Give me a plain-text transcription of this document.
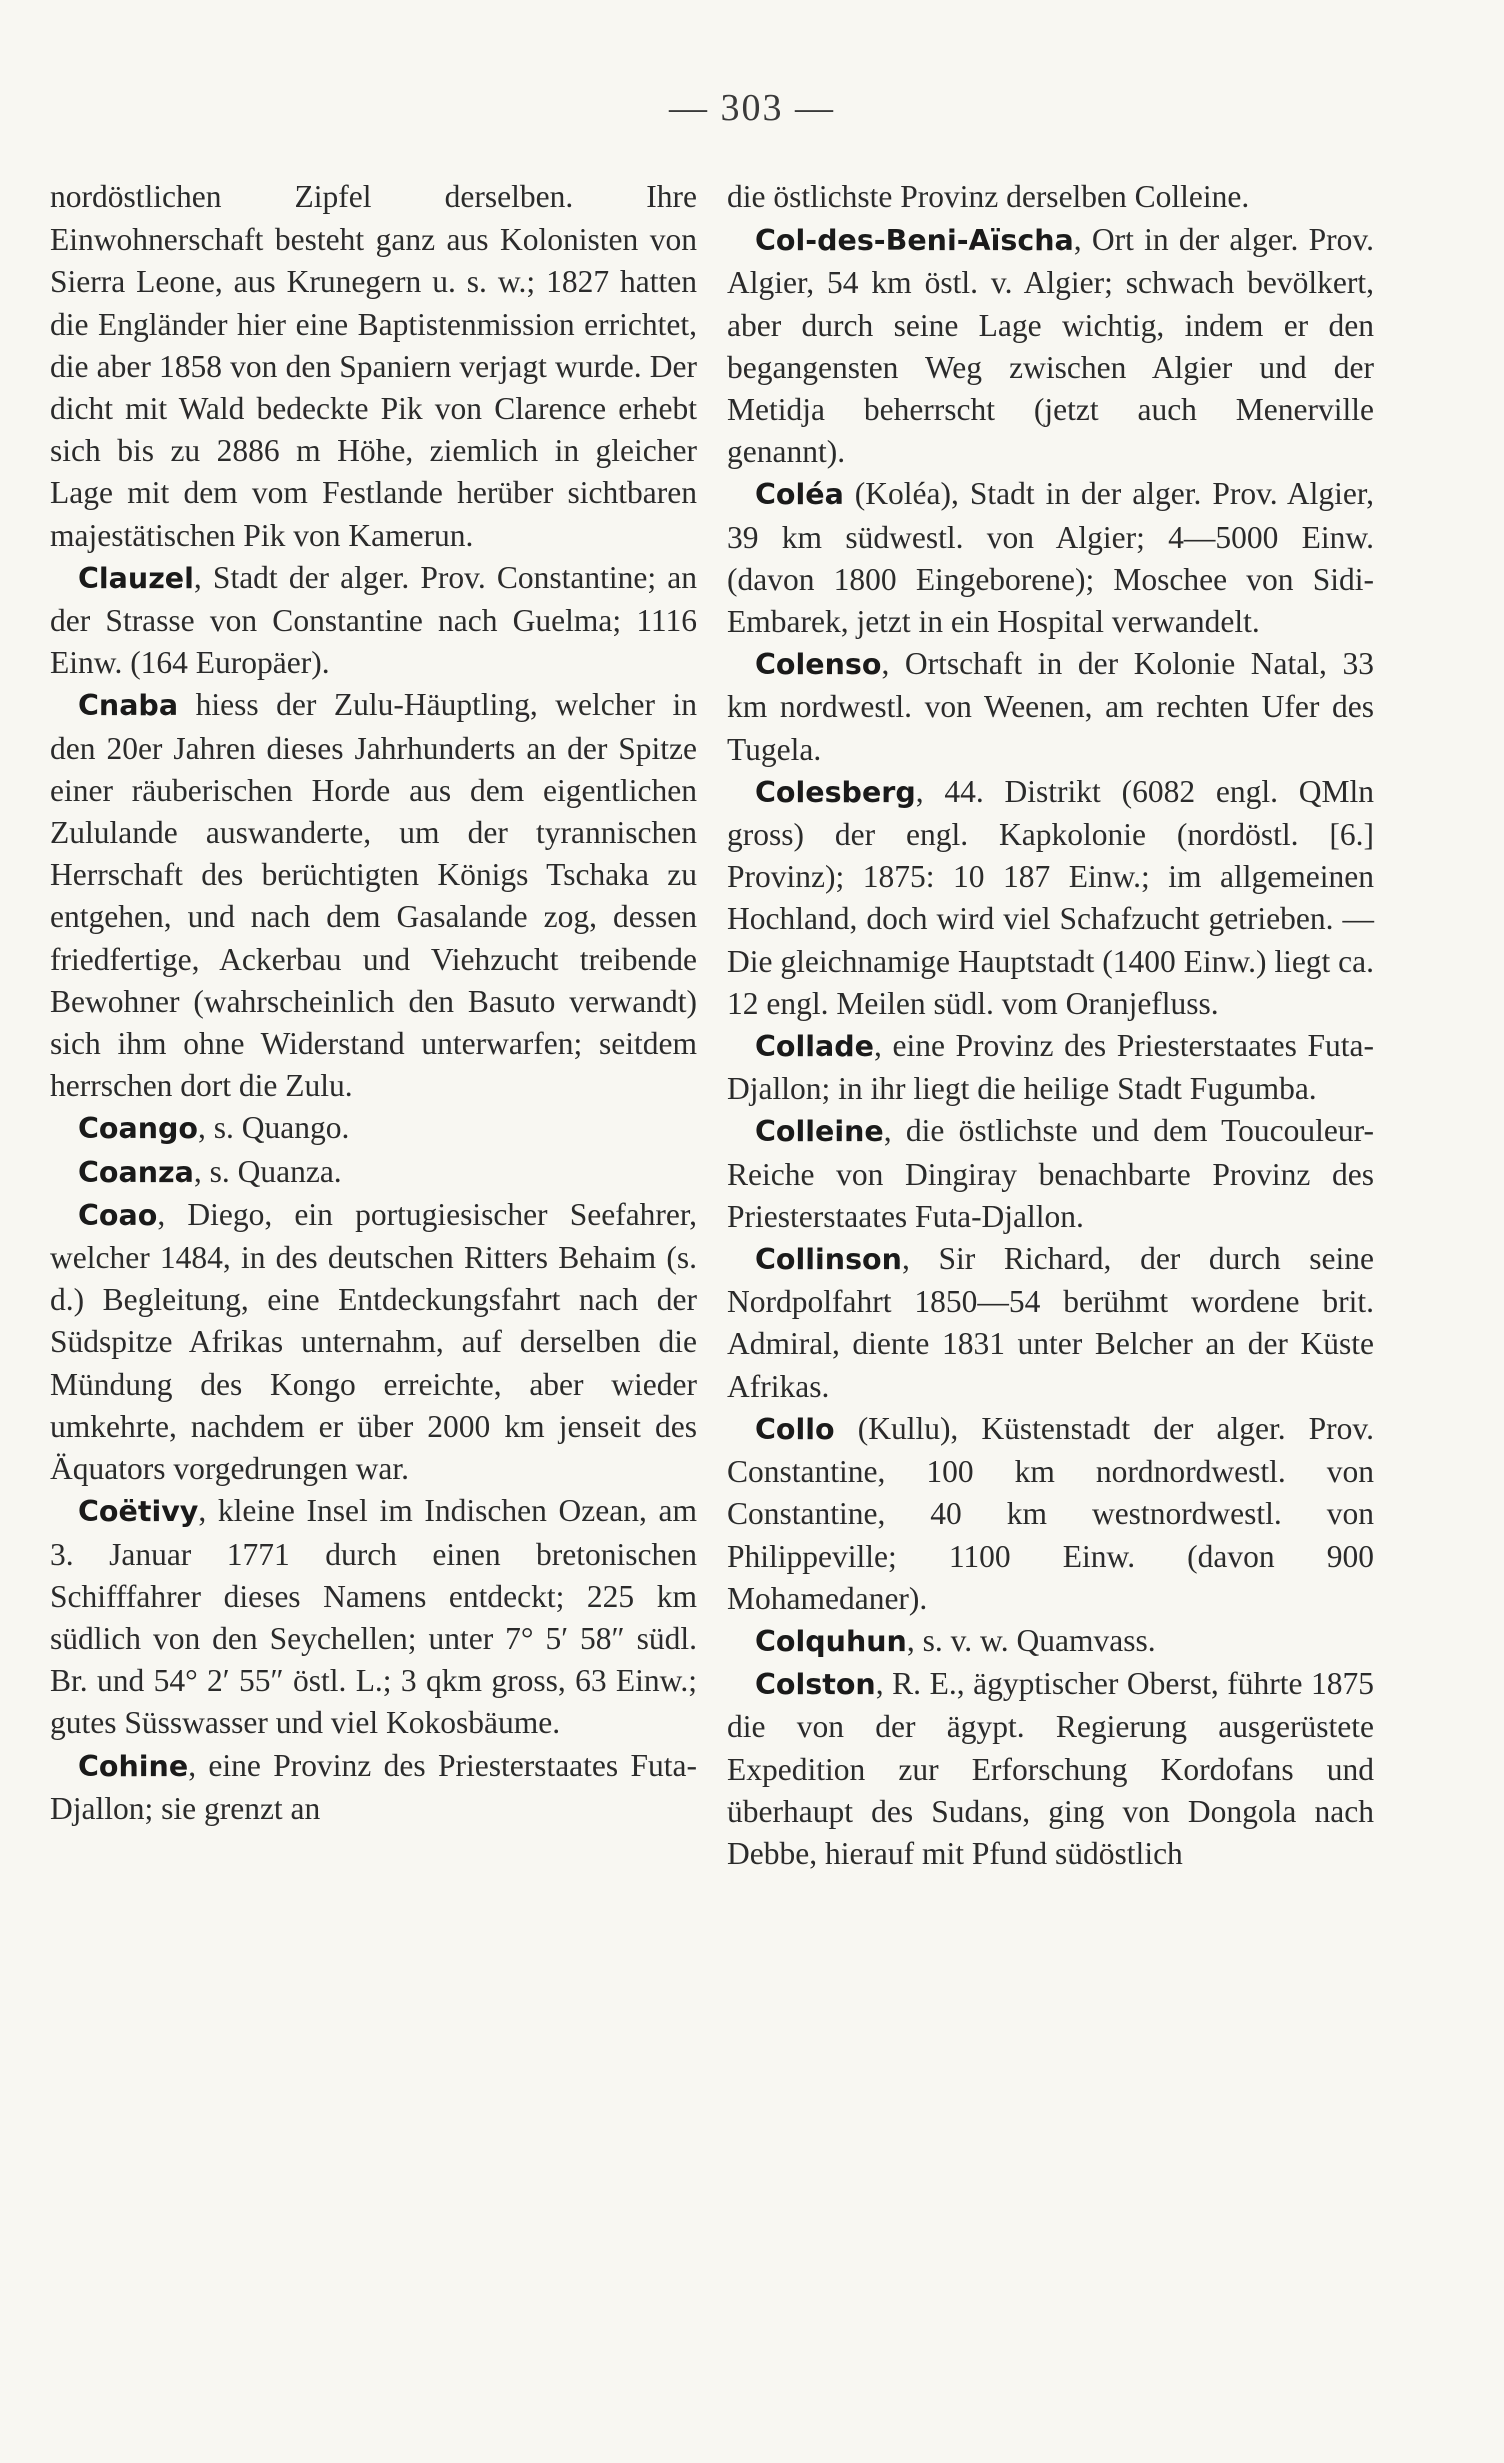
— 303 —

nordöstlichen Zipfel derselben. Ihre Einwohnerschaft besteht ganz aus Kolonisten von Sierra Leone, aus Krunegern u. s. w.; 1827 hatten die Engländer hier eine Baptistenmission errichtet, die aber 1858 von den Spaniern verjagt wurde. Der dicht mit Wald bedeckte Pik von Clarence erhebt sich bis zu 2886 m Höhe, ziemlich in gleicher Lage mit dem vom Festlande herüber sichtbaren majestätischen Pik von Kamerun.

Clauzel, Stadt der alger. Prov. Constantine; an der Strasse von Constantine nach Guelma; 1116 Einw. (164 Europäer).

Cnaba hiess der Zulu-Häuptling, welcher in den 20er Jahren dieses Jahrhunderts an der Spitze einer räuberischen Horde aus dem eigentlichen Zululande auswanderte, um der tyrannischen Herrschaft des berüchtigten Königs Tschaka zu entgehen, und nach dem Gasalande zog, dessen friedfertige, Ackerbau und Viehzucht treibende Bewohner (wahrscheinlich den Basuto verwandt) sich ihm ohne Widerstand unterwarfen; seitdem herrschen dort die Zulu.

Coango, s. Quango.

Coanza, s. Quanza.

Coao, Diego, ein portugiesischer Seefahrer, welcher 1484, in des deutschen Ritters Behaim (s. d.) Begleitung, eine Entdeckungsfahrt nach der Südspitze Afrikas unternahm, auf derselben die Mündung des Kongo erreichte, aber wieder umkehrte, nachdem er über 2000 km jenseit des Äquators vorgedrungen war.

Coëtivy, kleine Insel im Indischen Ozean, am 3. Januar 1771 durch einen bretonischen Schifffahrer dieses Namens entdeckt; 225 km südlich von den Seychellen; unter 7° 5′ 58″ südl. Br. und 54° 2′ 55″ östl. L.; 3 qkm gross, 63 Einw.; gutes Süsswasser und viel Kokosbäume.

Cohine, eine Provinz des Priesterstaates Futa-Djallon; sie grenzt an

die östlichste Provinz derselben Colleine.

Col-des-Beni-Aïscha, Ort in der alger. Prov. Algier, 54 km östl. v. Algier; schwach bevölkert, aber durch seine Lage wichtig, indem er den begangensten Weg zwischen Algier und der Metidja beherrscht (jetzt auch Menerville genannt).

Coléa (Koléa), Stadt in der alger. Prov. Algier, 39 km südwestl. von Algier; 4—5000 Einw. (davon 1800 Eingeborene); Moschee von Sidi-Embarek, jetzt in ein Hospital verwandelt.

Colenso, Ortschaft in der Kolonie Natal, 33 km nordwestl. von Weenen, am rechten Ufer des Tugela.

Colesberg, 44. Distrikt (6082 engl. QMln gross) der engl. Kapkolonie (nordöstl. [6.] Provinz); 1875: 10 187 Einw.; im allgemeinen Hochland, doch wird viel Schafzucht getrieben. — Die gleichnamige Hauptstadt (1400 Einw.) liegt ca. 12 engl. Meilen südl. vom Oranjefluss.

Collade, eine Provinz des Priesterstaates Futa-Djallon; in ihr liegt die heilige Stadt Fugumba.

Colleine, die östlichste und dem Toucouleur-Reiche von Dingiray benachbarte Provinz des Priesterstaates Futa-Djallon.

Collinson, Sir Richard, der durch seine Nordpolfahrt 1850—54 berühmt wordene brit. Admiral, diente 1831 unter Belcher an der Küste Afrikas.

Collo (Kullu), Küstenstadt der alger. Prov. Constantine, 100 km nordnordwestl. von Constantine, 40 km westnordwestl. von Philippeville; 1100 Einw. (davon 900 Mohamedaner).

Colquhun, s. v. w. Quamvass.

Colston, R. E., ägyptischer Oberst, führte 1875 die von der ägypt. Regierung ausgerüstete Expedition zur Erforschung Kordofans und überhaupt des Sudans, ging von Dongola nach Debbe, hierauf mit Pfund südöstlich
